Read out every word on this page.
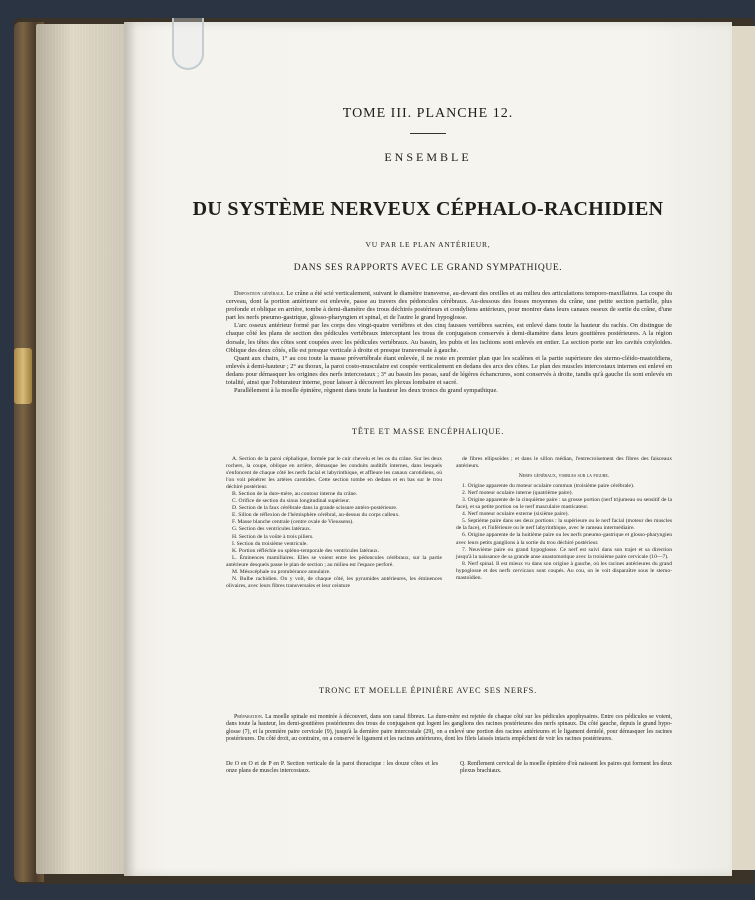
TOME III. PLANCHE 12.
ENSEMBLE
DU SYSTÈME NERVEUX CÉPHALO-RACHIDIEN
VU PAR LE PLAN ANTÉRIEUR,
DANS SES RAPPORTS AVEC LE GRAND SYMPATHIQUE.

Disposition générale. Le crâne a été scié verticalement, suivant le diamètre transverse, au-devant des oreilles et au milieu des articulations temporo-maxillaires. La coupe du cerveau, dont la portion antérieure est enlevée, passe au travers des pédoncules cérébraux. Au-dessous des fosses moyennes du crâne, une petite section partielle, plus profonde et oblique en arrière, tombe à demi-diamètre des trous déchirés postérieurs et condyliens antérieurs, pour montrer dans leurs canaux osseux de sortie du crâne, d'une part les nerfs pneumo-gastrique, glosso-pharyngien et spinal, et de l'autre le grand hypoglosse.

L'arc osseux antérieur formé par les corps des vingt-quatre vertèbres et des cinq fausses vertèbres sacrées, est enlevé dans toute la hauteur du rachis. On distingue de chaque côté les plans de section des pédicules vertébraux interceptant les trous de conjugaison conservés à demi-diamètre dans leurs gouttières postérieures. A la région dorsale, les têtes des côtes sont coupées avec les pédicules vertébraux. Au bassin, les pubis et les ischions sont enlevés en entier. La section porte sur les cavités cotyloïdes. Oblique des deux côtés, elle est presque verticale à droite et presque transversale à gauche.

Quant aux chairs, 1° au cou toute la masse prévertébrale étant enlevée, il ne reste en premier plan que les scalènes et la partie supérieure des sterno-cléido-mastoïdiens, enlevés à demi-hauteur ; 2° au thorax, la paroi costo-musculaire est coupée verticalement en dedans des arcs des côtes. Le plan des muscles intercostaux internes est enlevé en dedans pour démasquer les origines des nerfs intercostaux ; 3° au bassin les psoas, sauf de légères échancrures, sont conservés à droite, tandis qu'à gauche ils sont enlevés en totalité, ainsi que l'obturateur interne, pour laisser à découvert les plexus lombaire et sacré.

Parallèlement à la moelle épinière, règnent dans toute la hauteur les deux troncs du grand sympathique.

TÊTE ET MASSE ENCÉPHALIQUE.

A. Section de la paroi céphalique, formée par le cuir chevelu et les os du crâne. Sur les deux rochers, la coupe, oblique en arrière, démasque les conduits auditifs internes, dans lesquels s'enfoncent de chaque côté les nerfs facial et labyrinthique, et affleure les canaux carotidiens, où l'on voit pénétrer les artères carotides. Cette section tombe en dedans et en bas sur le trou déchiré postérieur.

B. Section de la dure-mère, au contour interne du crâne.

C. Orifice de section du sinus longitudinal supérieur.

D. Section de la faux cérébrale dans la grande scissure antéro-postérieure.

E. Sillon de réflexion de l'hémisphère cérébral, au-dessus du corps calleux.

F. Masse blanche centrale (centre ovale de Vieussens).

G. Section des ventricules latéraux.

H. Section de la voûte à trois piliers.

I. Section du troisième ventricule.

K. Portion réfléchie ou spléno-temporale des ventricules latéraux.

L. Éminences mamillaires. Elles se voient entre les pédoncules cérébraux, sur la partie antérieure desquels passe le plan de section ; au milieu est l'espace perforé.

M. Mésocéphale ou protubérance annulaire.

N. Bulbe rachidien. On y voit, de chaque côté, les pyramides antérieures, les éminences olivaires, avec leurs fibres transversales et leur ceinture

de fibres ellipsoïdes ; et dans le sillon médian, l'entrecroisement des fibres des faisceaux antérieurs.

Nerfs généraux, visibles sur la figure.

1. Origine apparente du moteur oculaire commun (troisième paire cérébrale).

2. Nerf moteur oculaire interne (quatrième paire).

3. Origine apparente de la cinquième paire : sa grosse portion (nerf trijumeau ou sensitif de la face), et sa petite portion ou le nerf masculaire masticateur.

4. Nerf moteur oculaire externe (sixième paire).

5. Septième paire dans ses deux portions : la supérieure ou le nerf facial (moteur des muscles de la face), et l'inférieure ou le nerf labyrinthique, avec le rameau intermédiaire.

6. Origine apparente de la huitième paire ou les nerfs pneumo-gastrique et glosso-pharyngien avec leurs petits ganglions à la sortie du trou déchiré postérieur.

7. Neuvième paire ou grand hypoglosse. Ce nerf est suivi dans son trajet et sa direction jusqu'à la naissance de sa grande anse anastomotique avec la troisième paire cervicale (10—7).

8. Nerf spinal. Il est mieux vu dans son origine à gauche, où les racines antérieures du grand hypoglosse et des nerfs cervicaux sont coupés. Au cou, on le voit disparaître sous le sterno-mastoïdien.

TRONC ET MOELLE ÉPINIÈRE AVEC SES NERFS.
Préparation. La moelle spinale est montrée à découvert, dans son canal fibreux. La dure-mère est rejetée de chaque côté sur les pédicules apophysaires. Entre ces pédicules se voient, dans toute la hauteur, les demi-gouttières postérieures des trous de conjugaison qui logent les ganglions des racines postérieures des nerfs spinaux. Du côté gauche, depuis le grand hypo-glosse (7), et la première paire cervicale (9), jusqu'à la dernière paire intercostale (29), on a enlevé une portion des racines antérieures et le ligament dentelé, pour démasquer les racines postérieures. Du côté droit, au contraire, on a conservé le ligament et les racines antérieures, dont les filets laissés intacts empêchent de voir les racines postérieures.
De O en O et de P en P. Section verticale de la paroi thoracique : les douze côtes et les onze plans de muscles intercostaux.
Q. Renflement cervical de la moelle épinière d'où naissent les paires qui forment les deux plexus brachiaux.
